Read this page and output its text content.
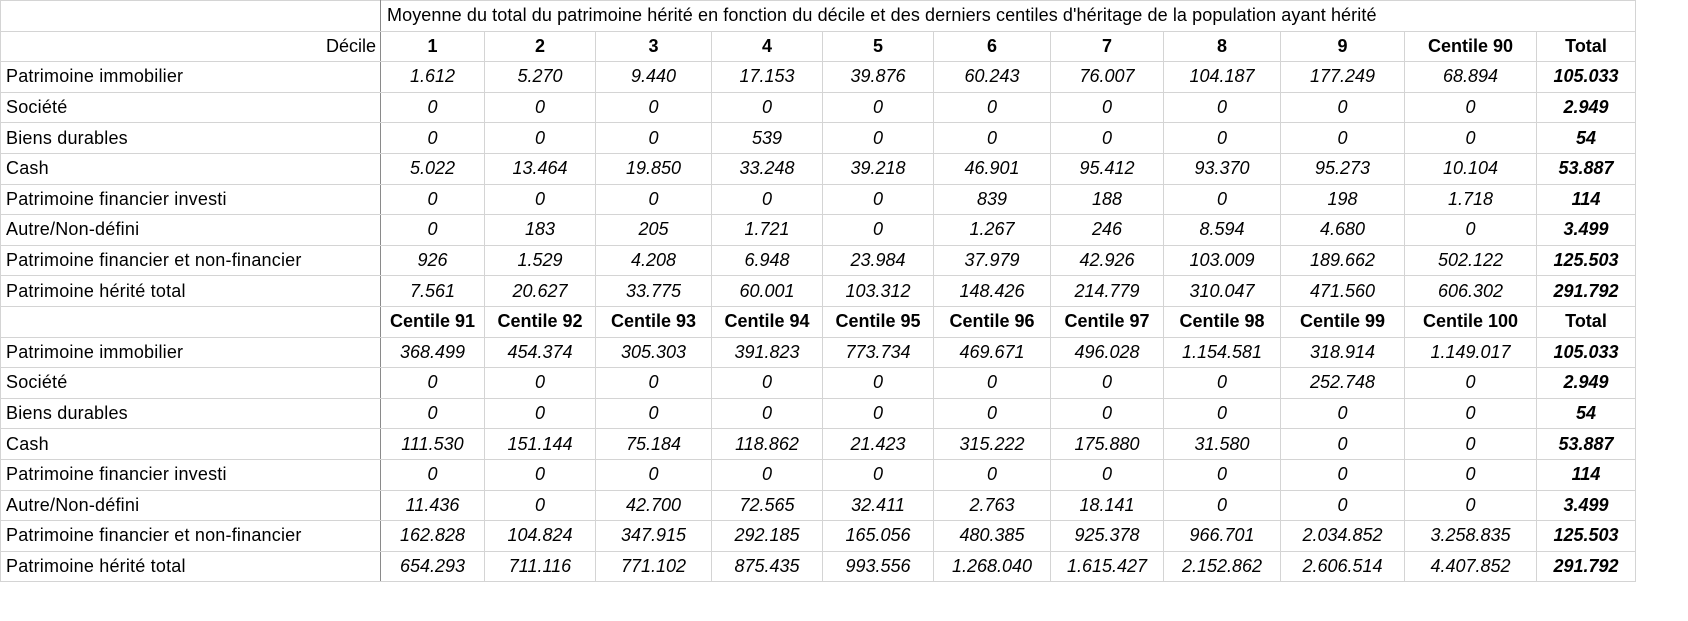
	Moyenne du total du patrimoine hérité en fonction du décile et des derniers centiles d'héritage de la population ayant hérité										
Décile	1	2	3	4	5	6	7	8	9	Centile 90	Total
Patrimoine immobilier	1.612	5.270	9.440	17.153	39.876	60.243	76.007	104.187	177.249	68.894	105.033
Société	0	0	0	0	0	0	0	0	0	0	2.949
Biens durables	0	0	0	539	0	0	0	0	0	0	54
Cash	5.022	13.464	19.850	33.248	39.218	46.901	95.412	93.370	95.273	10.104	53.887
Patrimoine financier investi	0	0	0	0	0	839	188	0	198	1.718	114
Autre/Non-défini	0	183	205	1.721	0	1.267	246	8.594	4.680	0	3.499
Patrimoine financier et non-financier	926	1.529	4.208	6.948	23.984	37.979	42.926	103.009	189.662	502.122	125.503
Patrimoine hérité total	7.561	20.627	33.775	60.001	103.312	148.426	214.779	310.047	471.560	606.302	291.792
	Centile 91	Centile 92	Centile 93	Centile 94	Centile 95	Centile 96	Centile 97	Centile 98	Centile 99	Centile 100	Total
Patrimoine immobilier	368.499	454.374	305.303	391.823	773.734	469.671	496.028	1.154.581	318.914	1.149.017	105.033
Société	0	0	0	0	0	0	0	0	252.748	0	2.949
Biens durables	0	0	0	0	0	0	0	0	0	0	54
Cash	111.530	151.144	75.184	118.862	21.423	315.222	175.880	31.580	0	0	53.887
Patrimoine financier investi	0	0	0	0	0	0	0	0	0	0	114
Autre/Non-défini	11.436	0	42.700	72.565	32.411	2.763	18.141	0	0	0	3.499
Patrimoine financier et non-financier	162.828	104.824	347.915	292.185	165.056	480.385	925.378	966.701	2.034.852	3.258.835	125.503
Patrimoine hérité total	654.293	711.116	771.102	875.435	993.556	1.268.040	1.615.427	2.152.862	2.606.514	4.407.852	291.792
